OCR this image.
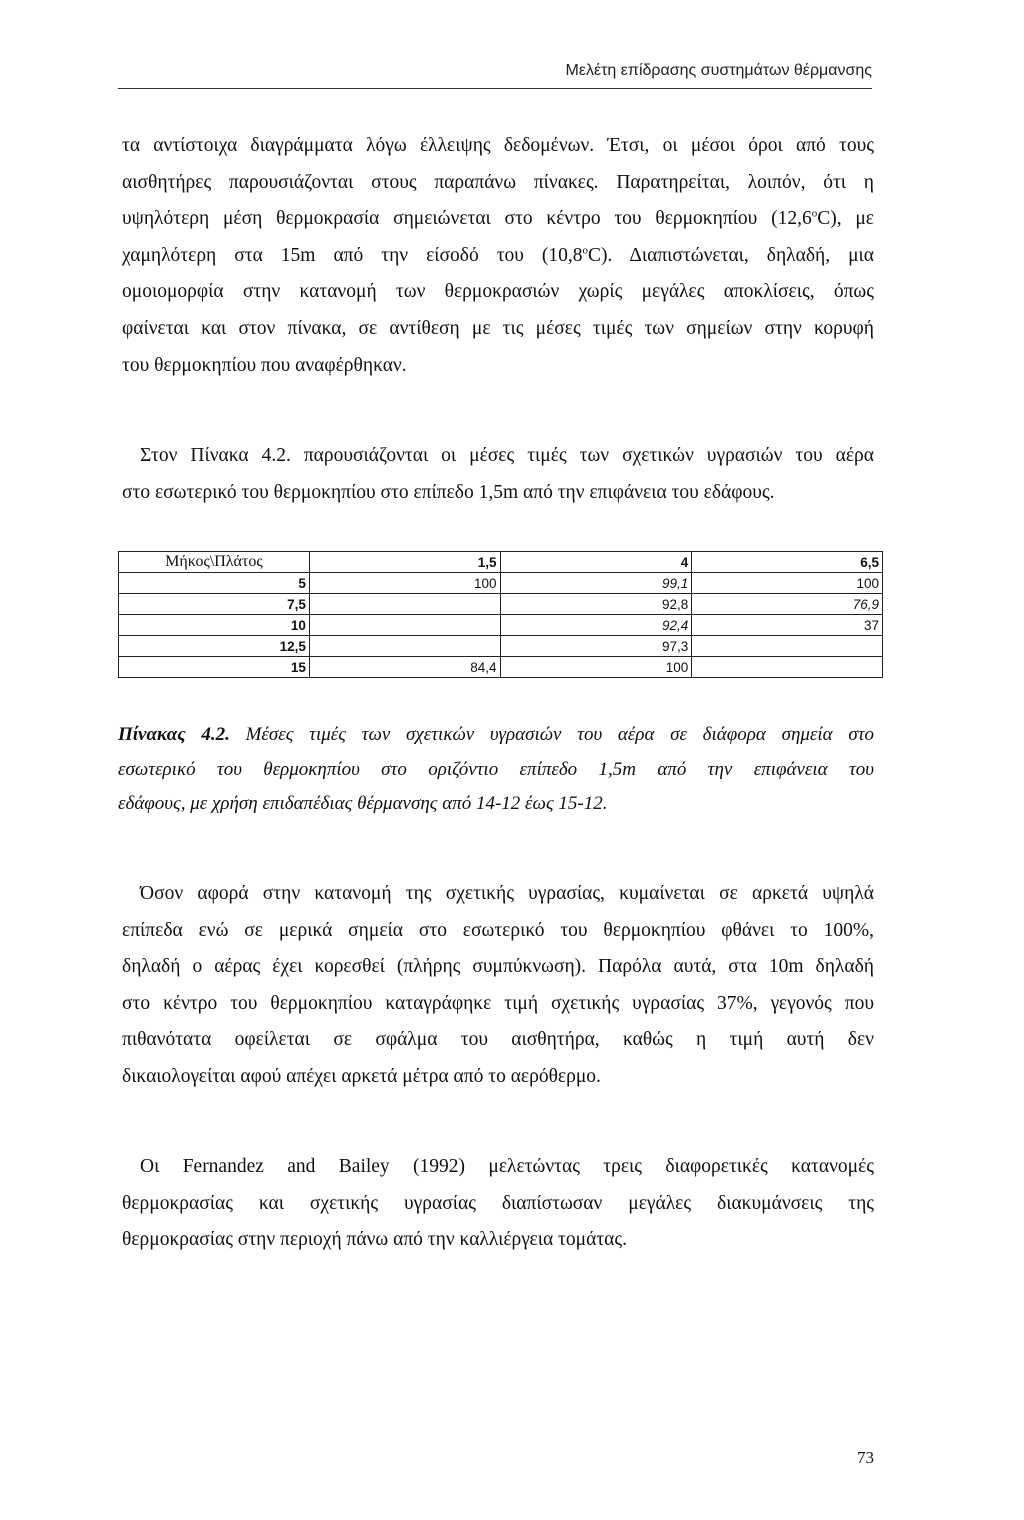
Μελέτη επίδρασης συστημάτων θέρμανσης
τα αντίστοιχα διαγράμματα λόγω έλλειψης δεδομένων. Έτσι, οι μέσοι όροι από τους
αισθητήρες παρουσιάζονται στους παραπάνω πίνακες. Παρατηρείται, λοιπόν, ότι η
υψηλότερη μέση θερμοκρασία σημειώνεται στο κέντρο του θερμοκηπίου (12,6$^o$C), με
χαμηλότερη στα 15m από την είσοδό του (10,8$^o$C). Διαπιστώνεται, δηλαδή, μια
ομοιομορφία στην κατανομή των θερμοκρασιών χωρίς μεγάλες αποκλίσεις, όπως
φαίνεται και στον πίνακα, σε αντίθεση με τις μέσες τιμές των σημείων στην κορυφή
του θερμοκηπίου που αναφέρθηκαν.
Στον Πίνακα 4.2. παρουσιάζονται οι μέσες τιμές των σχετικών υγρασιών του αέρα
στο εσωτερικό του θερμοκηπίου στο επίπεδο 1,5m από την επιφάνεια του εδάφους.
Μήκος\Πλάτος	1,5	4	6,5
5	100	99,1	100
7,5		92,8	76,9
10		92,4	37
12,5		97,3	
15	84,4	100	
Πίνακας 4.2. Μέσες τιμές των σχετικών υγρασιών του αέρα σε διάφορα σημεία στο
εσωτερικό του θερμοκηπίου στο οριζόντιο επίπεδο 1,5m από την επιφάνεια του
εδάφους, με χρήση επιδαπέδιας θέρμανσης από 14-12 έως 15-12.
Όσον αφορά στην κατανομή της σχετικής υγρασίας, κυμαίνεται σε αρκετά υψηλά
επίπεδα ενώ σε μερικά σημεία στο εσωτερικό του θερμοκηπίου φθάνει το 100%,
δηλαδή ο αέρας έχει κορεσθεί (πλήρης συμπύκνωση). Παρόλα αυτά, στα 10m δηλαδή
στο κέντρο του θερμοκηπίου καταγράφηκε τιμή σχετικής υγρασίας 37%, γεγονός που
πιθανότατα οφείλεται σε σφάλμα του αισθητήρα, καθώς η τιμή αυτή δεν
δικαιολογείται αφού απέχει αρκετά μέτρα από το αερόθερμο.
Οι Fernandez and Bailey (1992) μελετώντας τρεις διαφορετικές κατανομές
θερμοκρασίας και σχετικής υγρασίας διαπίστωσαν μεγάλες διακυμάνσεις της
θερμοκρασίας στην περιοχή πάνω από την καλλιέργεια τομάτας.
73
